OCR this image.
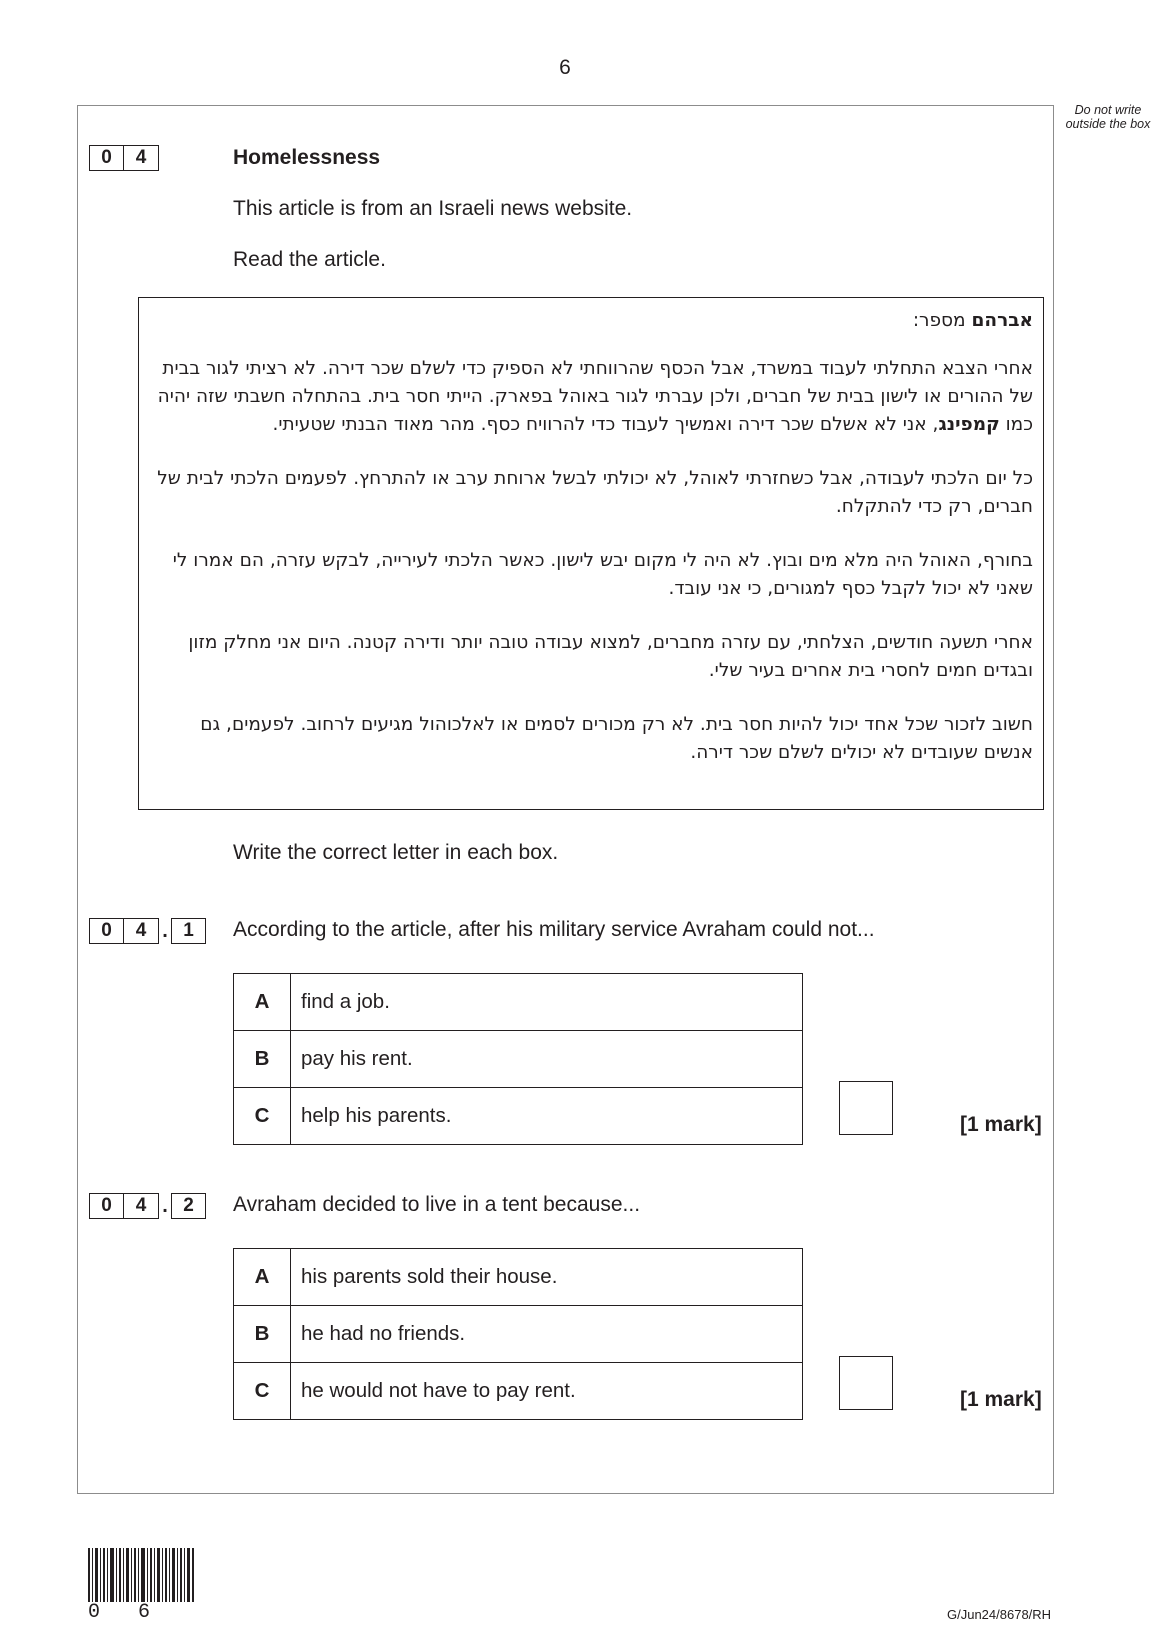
6
Do not write outside the box
0	4	Homelessness
This article is from an Israeli news website.
Read the article.

אברהם מספר:

אחרי הצבא התחלתי לעבוד במשרד, אבל הכסף שהרווחתי לא הספיק כדי לשלם שכר דירה. לא רציתי לגור בבית של ההורים או לישון בבית של חברים, ולכן עברתי לגור באוהל בפארק. הייתי חסר בית. בהתחלה חשבתי שזה יהיה כמו קמפינג, אני לא אשלם שכר דירה ואמשיך לעבוד כדי להרוויח כסף. מהר מאוד הבנתי שטעיתי.

כל יום הלכתי לעבודה, אבל כשחזרתי לאוהל, לא יכולתי לבשל ארוחת ערב או להתרחץ. לפעמים הלכתי לבית של חברים, רק כדי להתקלח.

בחורף, האוהל היה מלא מים ובוץ. לא היה לי מקום יבש לישון. כאשר הלכתי לעירייה, לבקש עזרה, הם אמרו לי שאני לא יכול לקבל כסף למגורים, כי אני עובד.

אחרי תשעה חודשים, הצלחתי, עם עזרה מחברים, למצוא עבודה טובה יותר ודירה קטנה. היום אני מחלק מזון ובגדים חמים לחסרי בית אחרים בעיר שלי.

חשוב לזכור שכל אחד יכול להיות חסר בית. לא רק מכורים לסמים או לאלכוהול מגיעים לרחוב. לפעמים, גם אנשים שעובדים לא יכולים לשלם שכר דירה.

Write the correct letter in each box.
0	4 . 1	According to the article, after his military service Avraham could not...
A	find a job.
B	pay his rent.
C	help his parents.	[1 mark]
0	4 . 2	Avraham decided to live in a tent because...
A	his parents sold their house.
B	he had no friends.
C	he would not have to pay rent.	[1 mark]
0 6	G/Jun24/8678/RH
